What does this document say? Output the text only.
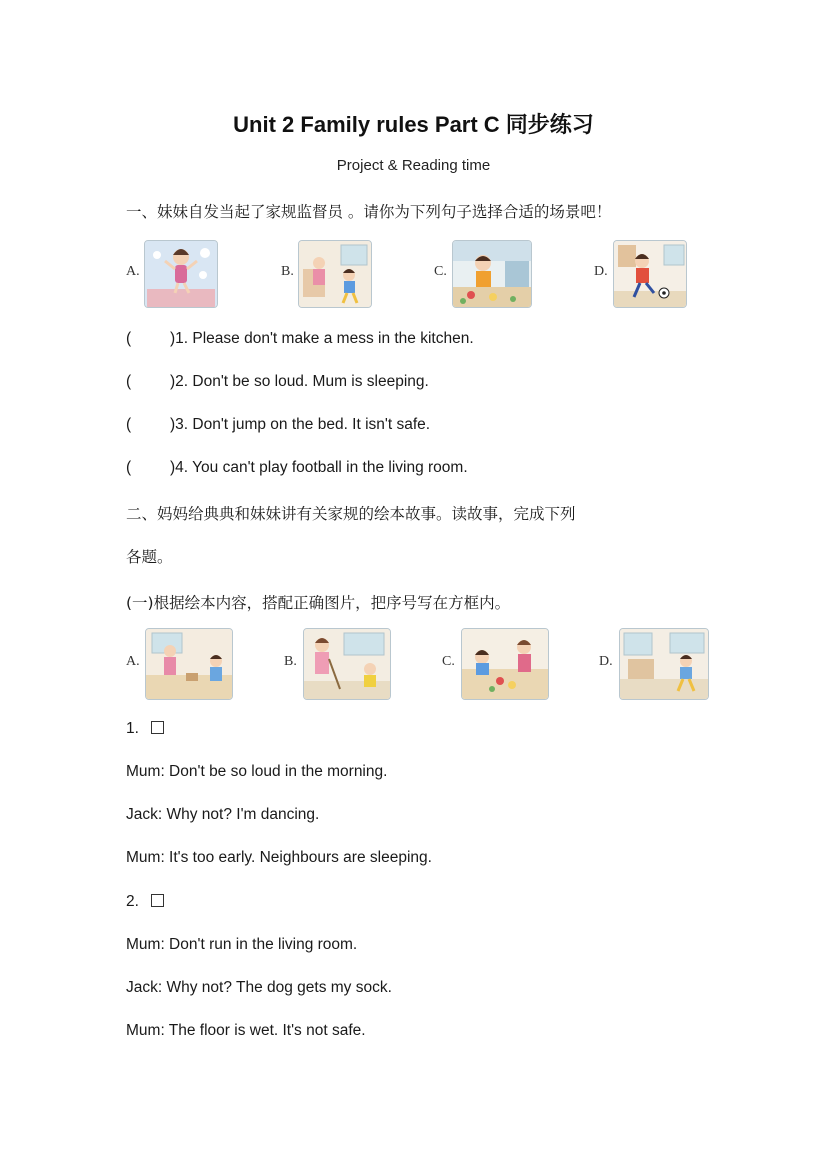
Unit 2 Family rules Part C 同步练习
Project & Reading time
一、妹妹自发当起了家规监督员 。请你为下列句子选择合适的场景吧！
A.	B.	C.	D.
(	)1. Please don't make a mess in the kitchen.
(	)2. Don't be so loud. Mum is sleeping.
(	)3. Don't jump on the bed. It isn't safe.
(	)4. You can't play football in the living room.
二、妈妈给典典和妹妹讲有关家规的绘本故事。读故事，完成下列
各题。
(一)根据绘本内容，搭配正确图片，把序号写在方框内。
A.	B.	C.	D.
1.
Mum: Don't be so loud in the morning.
Jack: Why not? I'm dancing.
Mum: It's too early. Neighbours are sleeping.
2.
Mum: Don't run in the living room.
Jack: Why not? The dog gets my sock.
Mum: The floor is wet. It's not safe.
